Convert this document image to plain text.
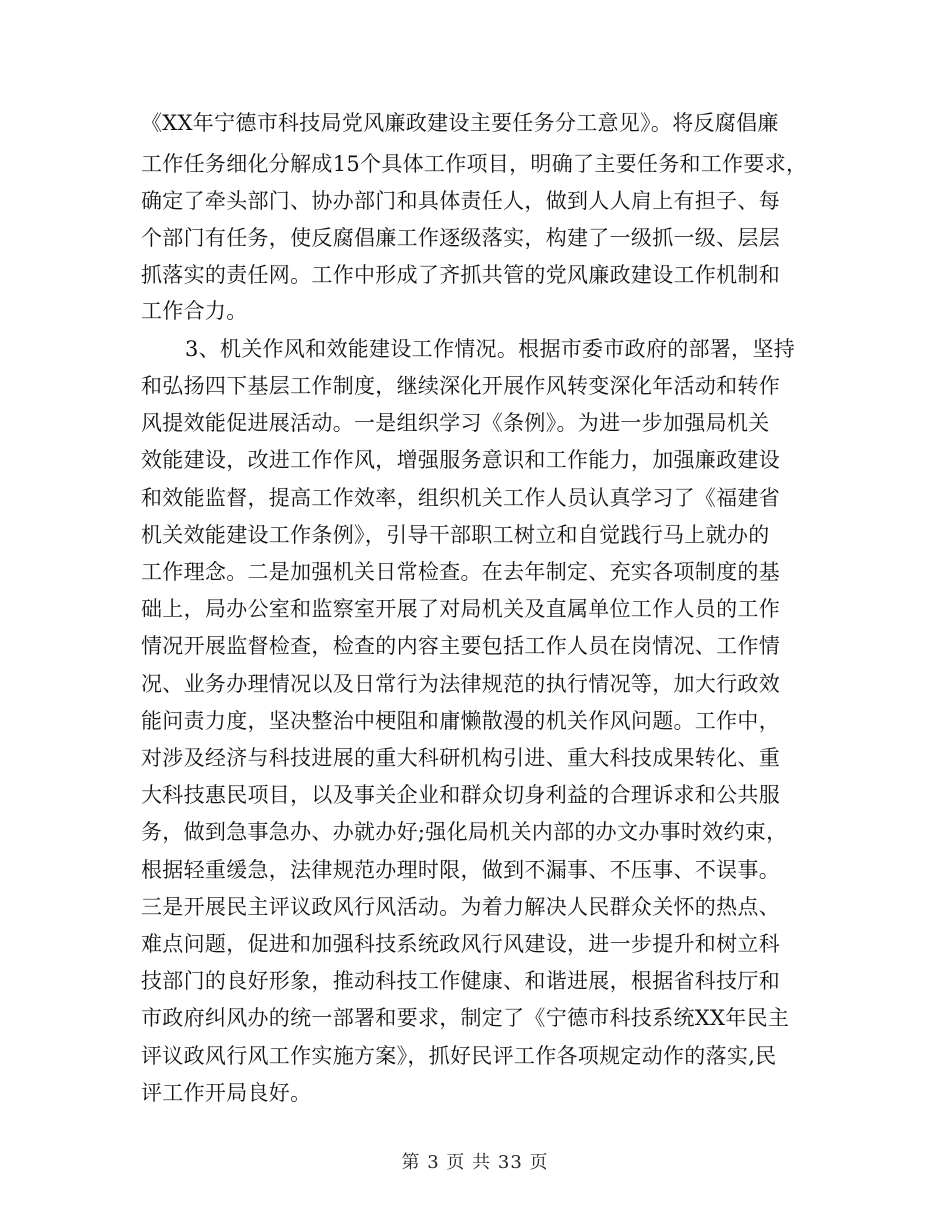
《XX年宁德市科技局党风廉政建设主要任务分工意见》。将反腐倡廉
工作任务细化分解成15个具体工作项目，明确了主要任务和工作要求，
确定了牵头部门、协办部门和具体责任人，做到人人肩上有担子、每
个部门有任务，使反腐倡廉工作逐级落实，构建了一级抓一级、层层
抓落实的责任网。工作中形成了齐抓共管的党风廉政建设工作机制和
工作合力。
3、机关作风和效能建设工作情况。根据市委市政府的部署，坚持
和弘扬四下基层工作制度，继续深化开展作风转变深化年活动和转作
风提效能促进展活动。一是组织学习《条例》。为进一步加强局机关
效能建设，改进工作作风，增强服务意识和工作能力，加强廉政建设
和效能监督，提高工作效率，组织机关工作人员认真学习了《福建省
机关效能建设工作条例》，引导干部职工树立和自觉践行马上就办的
工作理念。二是加强机关日常检查。在去年制定、充实各项制度的基
础上，局办公室和监察室开展了对局机关及直属单位工作人员的工作
情况开展监督检查，检查的内容主要包括工作人员在岗情况、工作情
况、业务办理情况以及日常行为法律规范的执行情况等，加大行政效
能问责力度，坚决整治中梗阻和庸懒散漫的机关作风问题。工作中，
对涉及经济与科技进展的重大科研机构引进、重大科技成果转化、重
大科技惠民项目，以及事关企业和群众切身利益的合理诉求和公共服
务，做到急事急办、办就办好;强化局机关内部的办文办事时效约束，
根据轻重缓急，法律规范办理时限，做到不漏事、不压事、不误事。
三是开展民主评议政风行风活动。为着力解决人民群众关怀的热点、
难点问题，促进和加强科技系统政风行风建设，进一步提升和树立科
技部门的良好形象，推动科技工作健康、和谐进展，根据省科技厅和
市政府纠风办的统一部署和要求，制定了《宁德市科技系统XX年民主
评议政风行风工作实施方案》，抓好民评工作各项规定动作的落实,民
评工作开局良好。
第 3 页 共 33 页
